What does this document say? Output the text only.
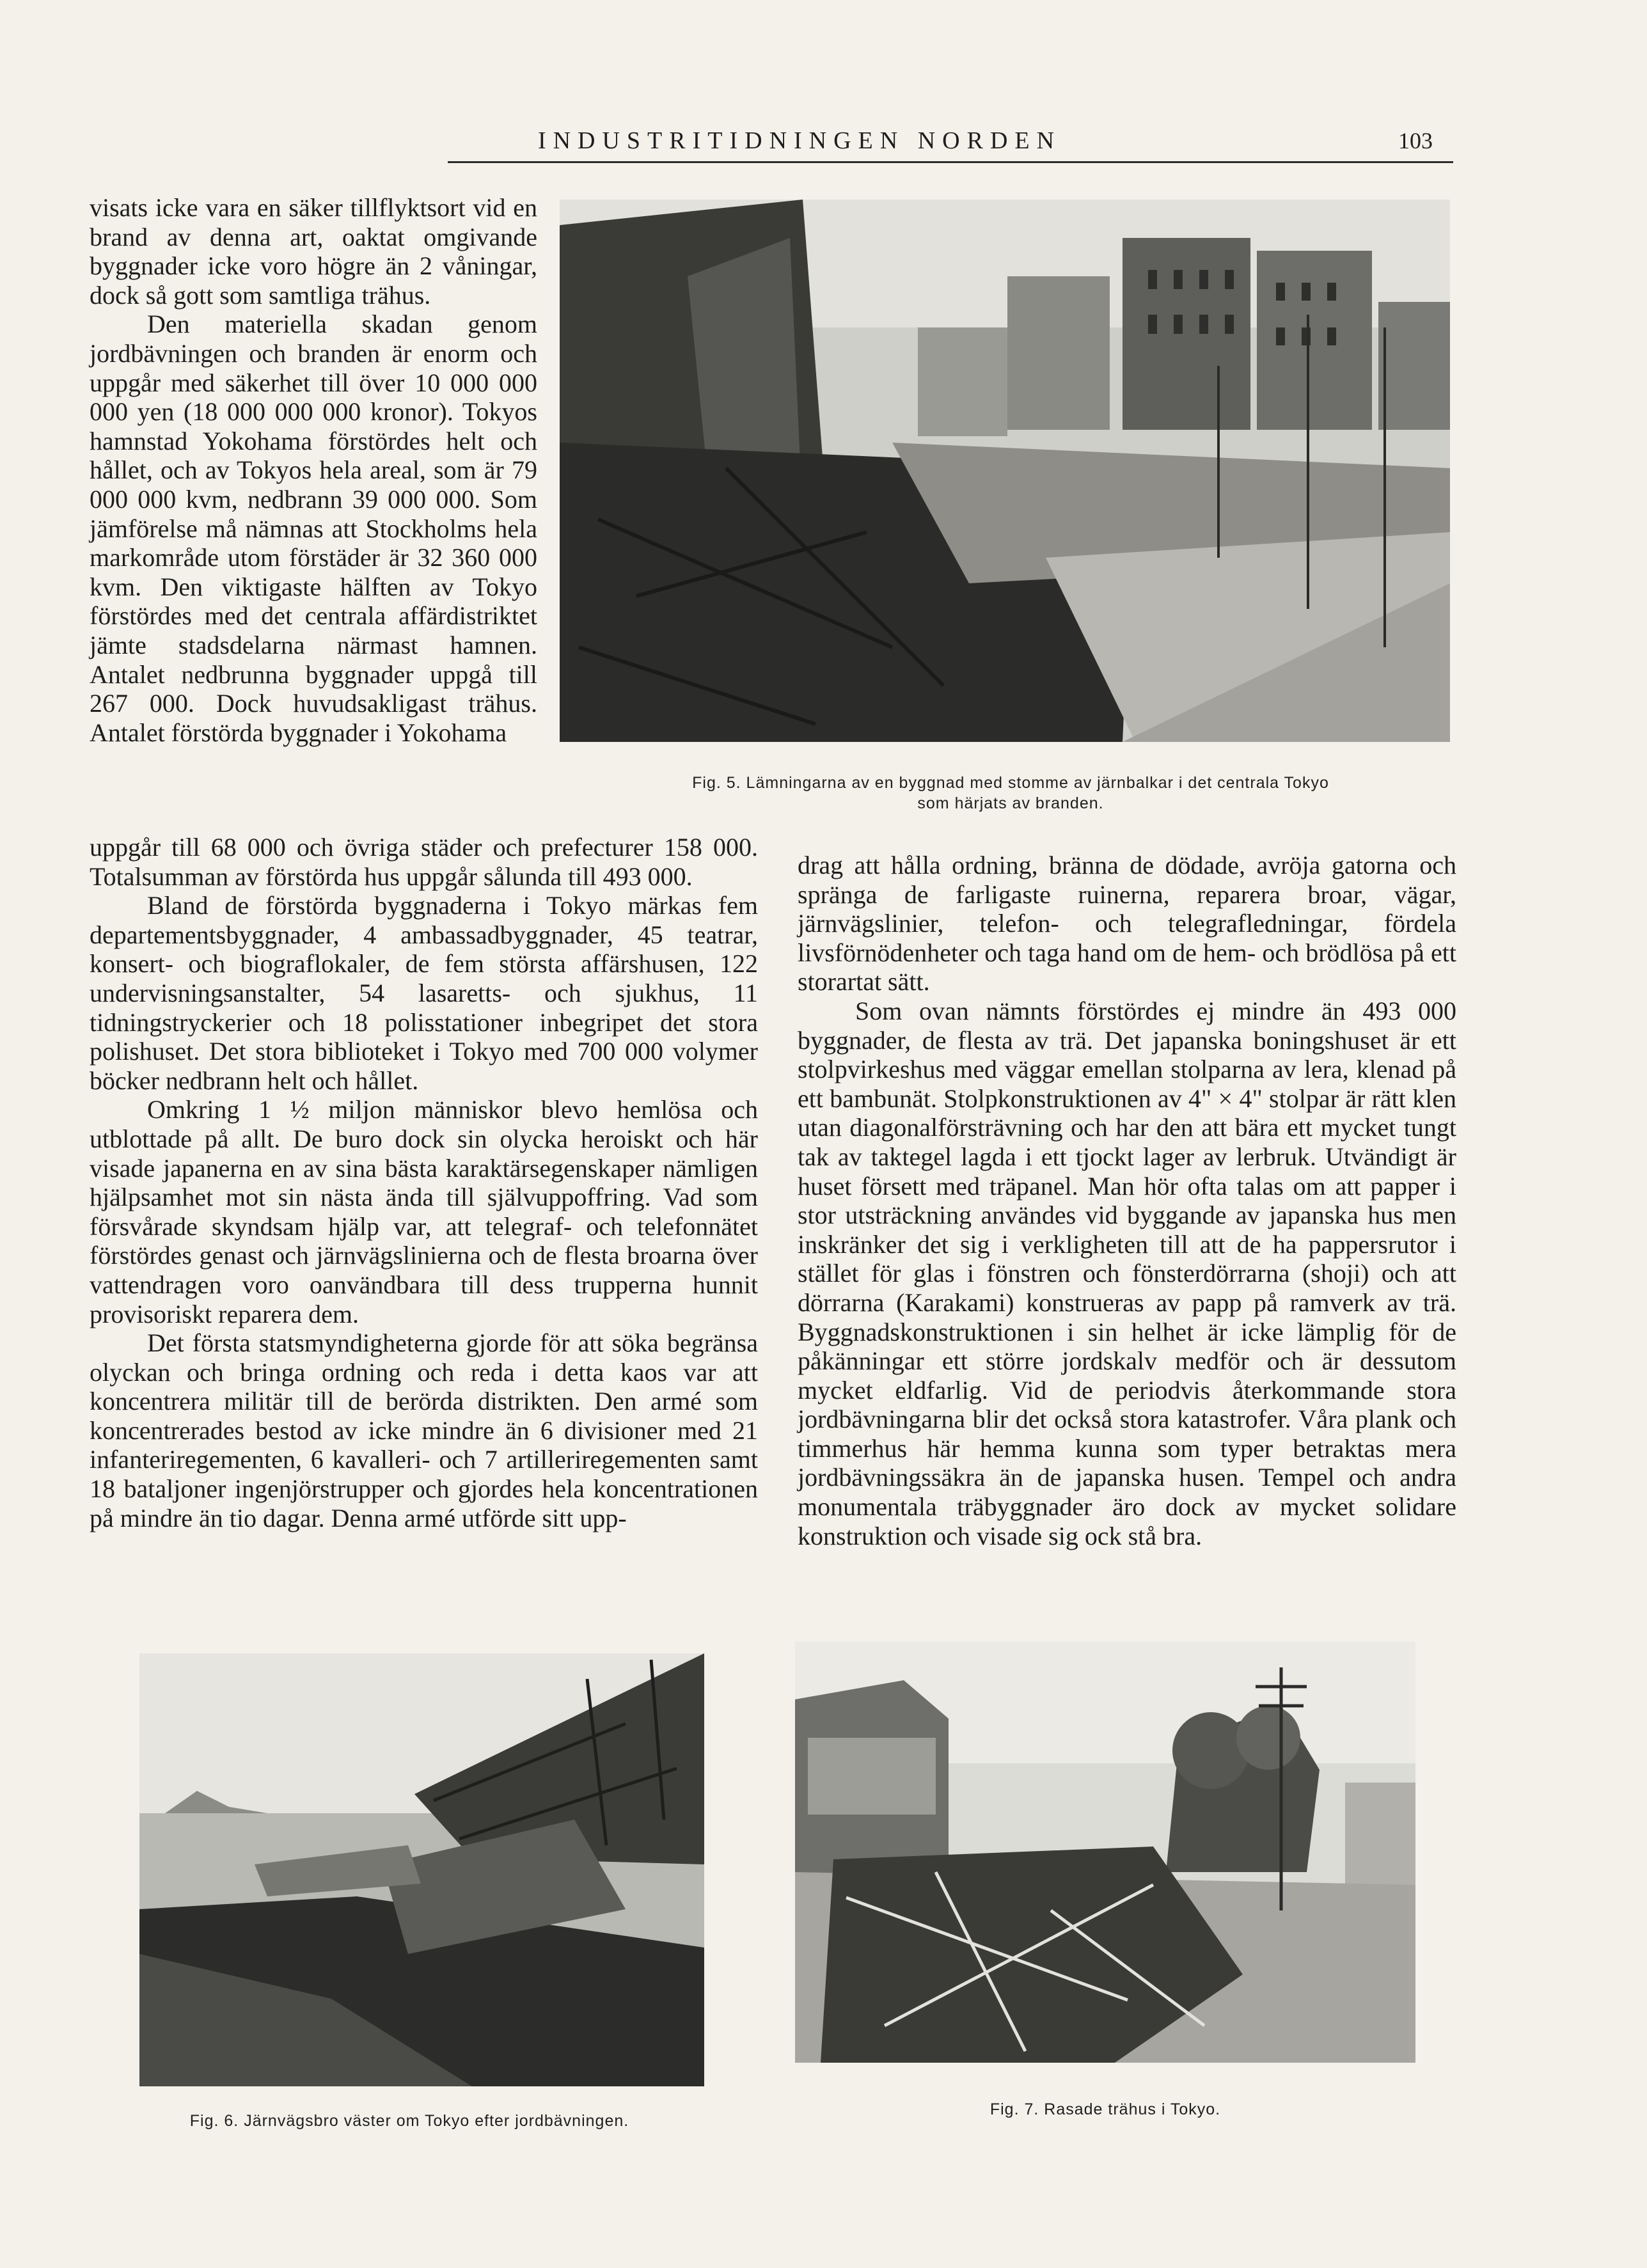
INDUSTRITIDNINGEN NORDEN	103

visats icke vara en säker tillflyktsort vid en brand av denna art, oaktat omgivande byggnader icke voro högre än 2 våningar, dock så gott som samtliga trähus.

Den materiella skadan genom jordbävningen och branden är enorm och uppgår med säkerhet till över 10 000 000 000 yen (18 000 000 000 kronor). Tokyos hamnstad Yokohama förstördes helt och hållet, och av Tokyos hela areal, som är 79 000 000 kvm, nedbrann 39 000 000. Som jämförelse må nämnas att Stockholms hela markområde utom förstäder är 32 360 000 kvm. Den viktigaste hälften av Tokyo förstördes med det centrala affärdistriktet jämte stadsdelarna närmast hamnen. Antalet nedbrunna byggnader uppgå till 267 000. Dock huvudsakligast trähus. Antalet förstörda byggnader i Yokohama

Fig. 5. Lämningarna av en byggnad med stomme av järnbalkar i det centrala Tokyo
som härjats av branden.

uppgår till 68 000 och övriga städer och prefecturer 158 000. Totalsumman av förstörda hus uppgår sålunda till 493 000.

Bland de förstörda byggnaderna i Tokyo märkas fem departementsbyggnader, 4 ambassadbyggnader, 45 teatrar, konsert- och biograflokaler, de fem största affärshusen, 122 undervisningsanstalter, 54 lasaretts- och sjukhus, 11 tidningstryckerier och 18 polisstationer inbegripet det stora polishuset. Det stora biblioteket i Tokyo med 700 000 volymer böcker nedbrann helt och hållet.

Omkring 1 ½ miljon människor blevo hemlösa och utblottade på allt. De buro dock sin olycka heroiskt och här visade japanerna en av sina bästa karaktärsegenskaper nämligen hjälpsamhet mot sin nästa ända till självuppoffring. Vad som försvårade skyndsam hjälp var, att telegraf- och telefonnätet förstördes genast och järnvägslinierna och de flesta broarna över vattendragen voro oanvändbara till dess trupperna hunnit provisoriskt reparera dem.

Det första statsmyndigheterna gjorde för att söka begränsa olyckan och bringa ordning och reda i detta kaos var att koncentrera militär till de berörda distrikten. Den armé som koncentrerades bestod av icke mindre än 6 divisioner med 21 infanteriregementen, 6 kavalleri- och 7 artilleriregementen samt 18 bataljoner ingenjörstrupper och gjordes hela koncentrationen på mindre än tio dagar. Denna armé utförde sitt upp-

drag att hålla ordning, bränna de dödade, avröja gatorna och spränga de farligaste ruinerna, reparera broar, vägar, järnvägslinier, telefon- och telegrafledningar, fördela livsförnödenheter och taga hand om de hem- och brödlösa på ett storartat sätt.

Som ovan nämnts förstördes ej mindre än 493 000 byggnader, de flesta av trä. Det japanska boningshuset är ett stolpvirkeshus med väggar emellan stolparna av lera, klenad på ett bambunät. Stolpkonstruktionen av 4" × 4" stolpar är rätt klen utan diagonalförsträvning och har den att bära ett mycket tungt tak av taktegel lagda i ett tjockt lager av lerbruk. Utvändigt är huset försett med träpanel. Man hör ofta talas om att papper i stor utsträckning användes vid byggande av japanska hus men inskränker det sig i verkligheten till att de ha pappersrutor i stället för glas i fönstren och fönsterdörrarna (shoji) och att dörrarna (Karakami) konstrueras av papp på ramverk av trä. Byggnadskonstruktionen i sin helhet är icke lämplig för de påkänningar ett större jordskalv medför och är dessutom mycket eldfarlig. Vid de periodvis återkommande stora jordbävningarna blir det också stora katastrofer. Våra plank och timmerhus här hemma kunna som typer betraktas mera jordbävningssäkra än de japanska husen. Tempel och andra monumentala träbyggnader äro dock av mycket solidare konstruktion och visade sig ock stå bra.

Fig. 6. Järnvägsbro väster om Tokyo efter jordbävningen.
Fig. 7. Rasade trähus i Tokyo.
